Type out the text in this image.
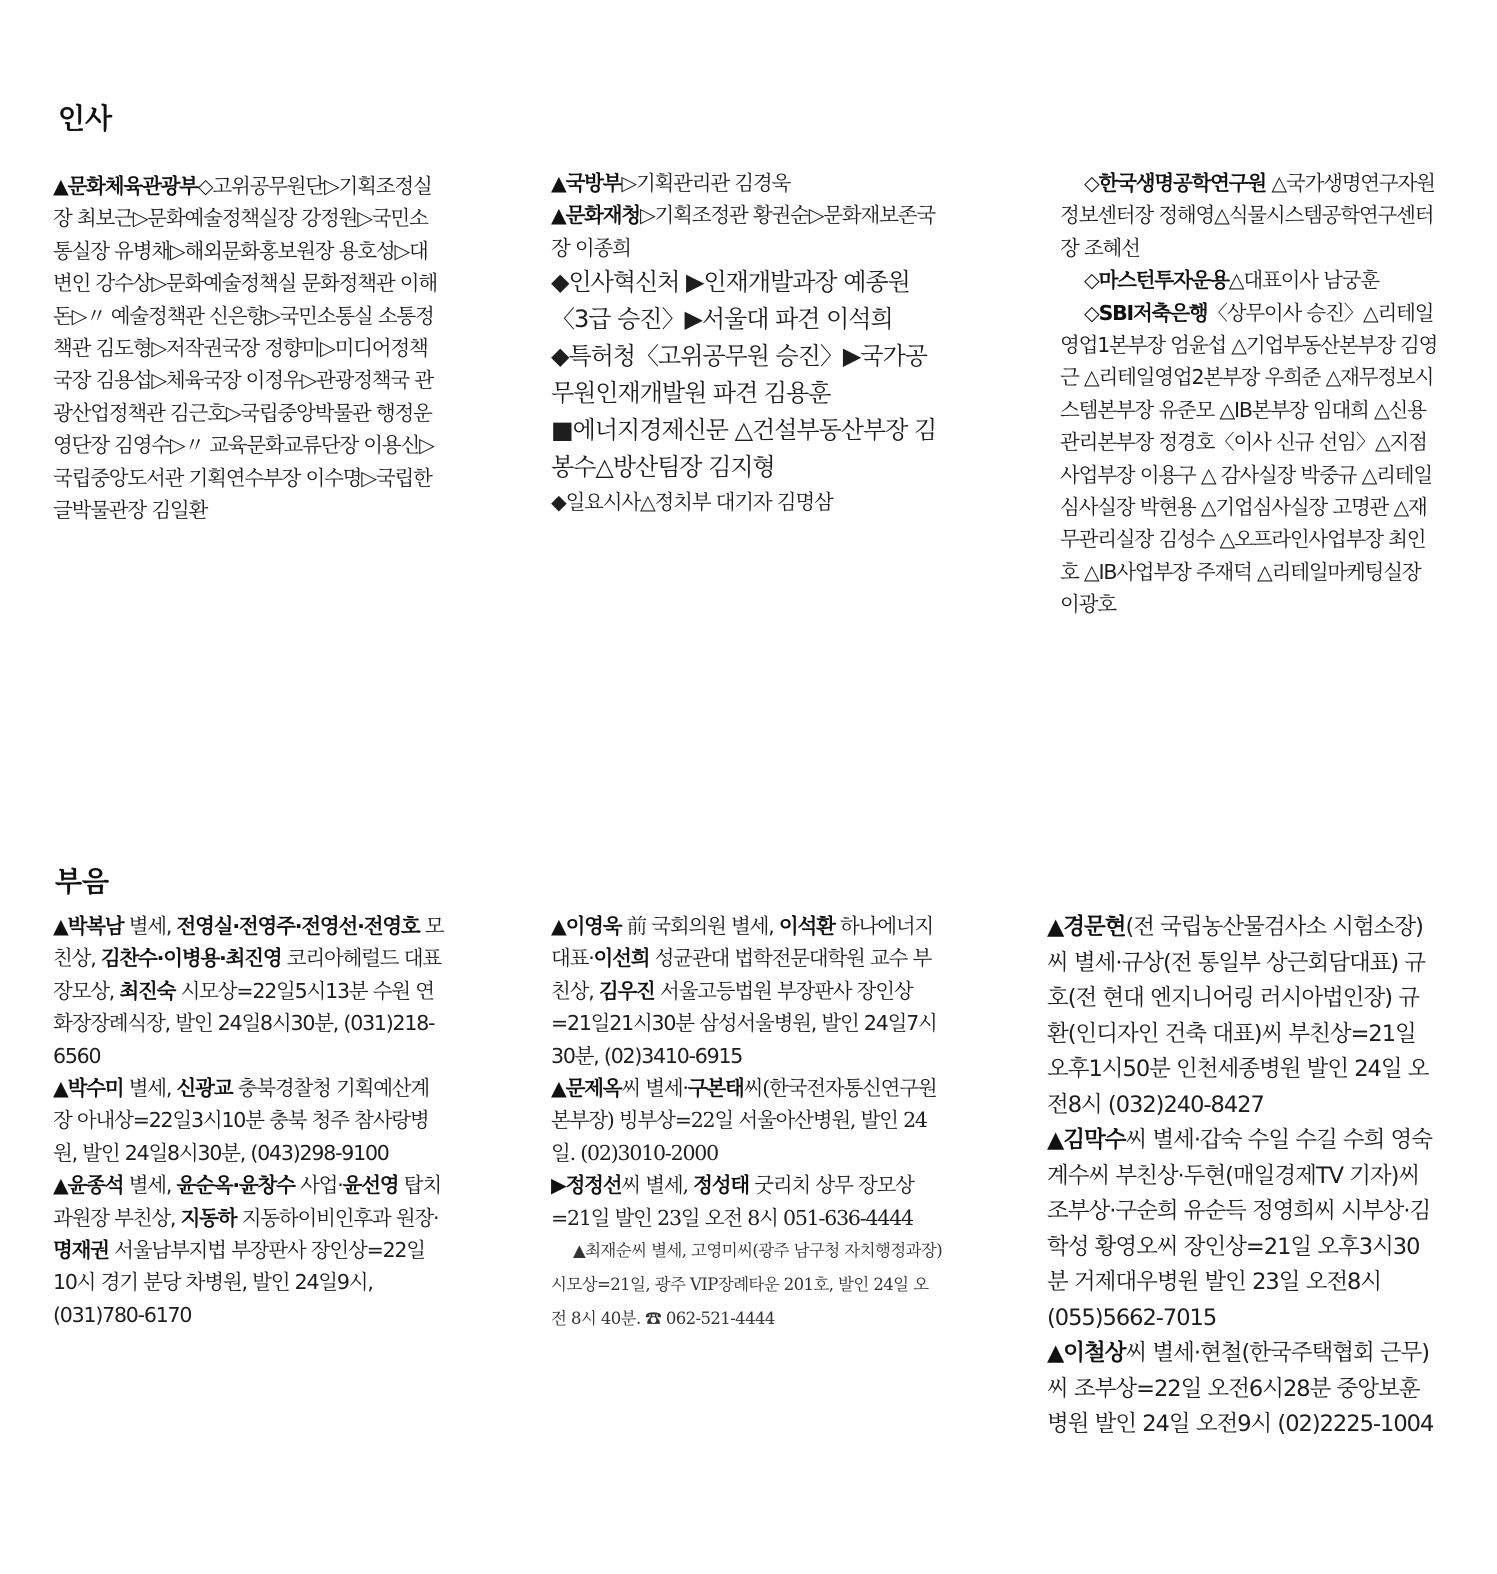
인사

▲문화체육관광부◇고위공무원단▷기획조정실장 최보근▷문화예술정책실장 강정원▷국민소통실장 유병채▷해외문화홍보원장 용호성▷대변인 강수상▷문화예술정책실 문화정책관 이해돈▷〃 예술정책관 신은향▷국민소통실 소통정책관 김도형▷저작권국장 정향미▷미디어정책국장 김용섭▷체육국장 이정우▷관광정책국 관광산업정책관 김근호▷국립중앙박물관 행정운영단장 김영수▷〃 교육문화교류단장 이용신▷국립중앙도서관 기획연수부장 이수명▷국립한글박물관장 김일환

▲국방부▷기획관리관 김경욱

▲문화재청▷기획조정관 황권순▷문화재보존국장 이종희

◆인사혁신처 ▶인재개발과장 예종원〈3급 승진〉▶서울대 파견 이석희

◆특허청〈고위공무원 승진〉▶국가공무원인재개발원 파견 김용훈

■에너지경제신문 △건설부동산부장 김봉수△방산팀장 김지형

◆일요시사△정치부 대기자 김명삼

◇한국생명공학연구원 △국가생명연구자원정보센터장 정해영△식물시스템공학연구센터장 조혜선

◇마스턴투자운용△대표이사 남궁훈

◇SBI저축은행〈상무이사 승진〉△리테일영업1본부장 엄윤섭 △기업부동산본부장 김영근 △리테일영업2본부장 우희준 △재무정보시스템본부장 유준모 △IB본부장 임대희 △신용관리본부장 정경호〈이사 신규 선임〉△지점사업부장 이용구 △ 감사실장 박중규 △리테일심사실장 박현용 △기업심사실장 고명관 △재무관리실장 김성수 △오프라인사업부장 최인호 △IB사업부장 주재덕 △리테일마케팅실장 이광호

부음

▲박복남 별세, 전영실·전영주·전영선·전영호 모친상, 김찬수·이병용·최진영 코리아헤럴드 대표 장모상, 최진숙 시모상=22일5시13분 수원 연화장장례식장, 발인 24일8시30분, (031)218-6560

▲박수미 별세, 신광교 충북경찰청 기획예산계장 아내상=22일3시10분 충북 청주 참사랑병원, 발인 24일8시30분, (043)298-9100

▲윤종석 별세, 윤순옥·윤창수 사업·윤선영 탑치과원장 부친상, 지동하 지동하이비인후과 원장·명재권 서울남부지법 부장판사 장인상=22일10시 경기 분당 차병원, 발인 24일9시, (031)780-6170

▲이영욱 前 국회의원 별세, 이석환 하나에너지 대표·이선희 성균관대 법학전문대학원 교수 부친상, 김우진 서울고등법원 부장판사 장인상=21일21시30분 삼성서울병원, 발인 24일7시30분, (02)3410-6915

▲문제옥씨 별세·구본태씨(한국전자통신연구원 본부장) 빙부상=22일 서울아산병원, 발인 24일. (02)3010-2000

▶정정선씨 별세, 정성태 굿리치 상무 장모상=21일 발인 23일 오전 8시 051-636-4444

▲최재순씨 별세, 고영미씨(광주 남구청 자치행정과장) 시모상=21일, 광주 VIP장례타운 201호, 발인 24일 오전 8시 40분. ☎ 062-521-4444

▲경문현(전 국립농산물검사소 시험소장)씨 별세·규상(전 통일부 상근회담대표) 규호(전 현대 엔지니어링 러시아법인장) 규환(인디자인 건축 대표)씨 부친상=21일 오후1시50분 인천세종병원 발인 24일 오전8시 (032)240-8427

▲김막수씨 별세·갑숙 수일 수길 수희 영숙 계수씨 부친상·두현(매일경제TV 기자)씨 조부상·구순희 유순득 정영희씨 시부상·김학성 황영오씨 장인상=21일 오후3시30분 거제대우병원 발인 23일 오전8시 (055)5662-7015

▲이철상씨 별세·현철(한국주택협회 근무)씨 조부상=22일 오전6시28분 중앙보훈병원 발인 24일 오전9시 (02)2225-1004
